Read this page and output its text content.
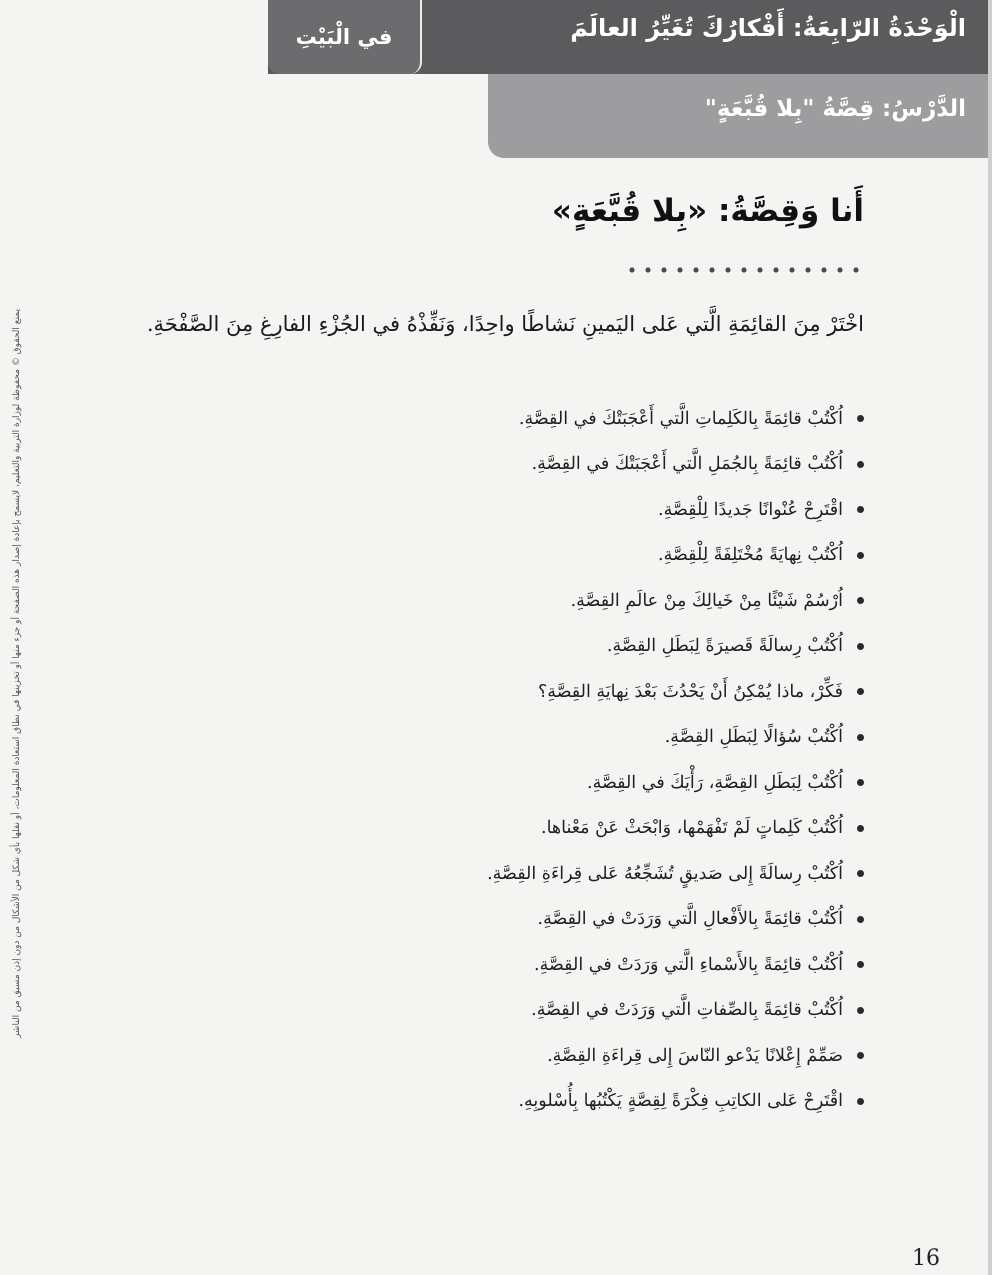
الْوَحْدَةُ الرّابِعَةُ: أَفْكارُكَ تُغَيِّرُ العالَمَ
في الْبَيْتِ
الدَّرْسُ: قِصَّةُ "بِلا قُبَّعَةٍ"
يمنع الحقوق © محفوظة لوزارة التربية والتعليم، لايسمح بإعادة إصدار هذه الصفحة أو جزء منها أو تخزينها في نطاق استعادة المعلومات، أو نقلها بأي شكل من الأشكال من دون إذن مسبق من الناشر
أَنا وَقِصَّةُ: «بِلا قُبَّعَةٍ»
اخْتَرْ مِنَ القائِمَةِ الَّتي عَلى اليَمينِ نَشاطًا واحِدًا، وَنَفِّذْهُ في الجُزْءِ الفارِغِ مِنَ الصَّفْحَةِ.
اُكْتُبْ قائِمَةً بِالكَلِماتِ الَّتي أَعْجَبَتْكَ في القِصَّةِ.
اُكْتُبْ قائِمَةً بِالجُمَلِ الَّتي أَعْجَبَتْكَ في القِصَّةِ.
اقْتَرِحْ عُنْوانًا جَديدًا لِلْقِصَّةِ.
اُكْتُبْ نِهايَةً مُخْتَلِفَةً لِلْقِصَّةِ.
اُرْسُمْ شَيْئًا مِنْ خَيالِكَ مِنْ عالَمِ القِصَّةِ.
اُكْتُبْ رِسالَةً قَصيرَةً لِبَطَلِ القِصَّةِ.
فَكِّرْ، ماذا يُمْكِنُ أَنْ يَحْدُثَ بَعْدَ نِهايَةِ القِصَّةِ؟
اُكْتُبْ سُؤالًا لِبَطَلِ القِصَّةِ.
اُكْتُبْ لِبَطَلِ القِصَّةِ، رَأْيَكَ في القِصَّةِ.
اُكْتُبْ كَلِماتٍ لَمْ تَفْهَمْها، وَابْحَثْ عَنْ مَعْناها.
اُكْتُبْ رِسالَةً إِلى صَديقٍ تُشَجِّعُهُ عَلى قِراءَةِ القِصَّةِ.
اُكْتُبْ قائِمَةً بِالأَفْعالِ الَّتي وَرَدَتْ في القِصَّةِ.
اُكْتُبْ قائِمَةً بِالأَسْماءِ الَّتي وَرَدَتْ في القِصَّةِ.
اُكْتُبْ قائِمَةً بِالصِّفاتِ الَّتي وَرَدَتْ في القِصَّةِ.
صَمِّمْ إِعْلانًا يَدْعو النّاسَ إِلى قِراءَةِ القِصَّةِ.
اقْتَرِحْ عَلى الكاتِبِ فِكْرَةً لِقِصَّةٍ يَكْتُبُها بِأُسْلوبِهِ.
16
